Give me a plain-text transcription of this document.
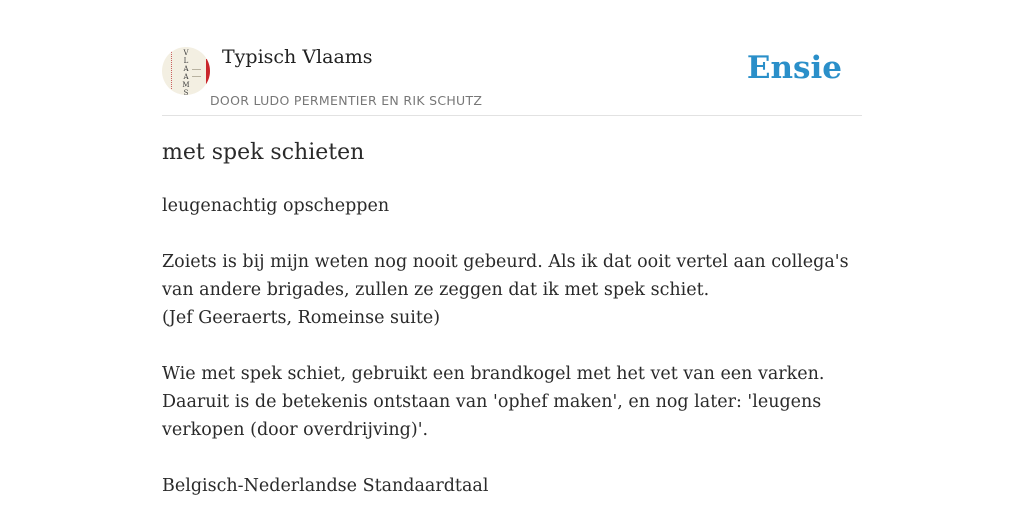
V
L
A
A
M
S
Typisch Vlaams
DOOR LUDO PERMENTIER EN RIK SCHUTZ
Ensie
met spek schieten

leugenachtig opscheppen

Zoiets is bij mijn weten nog nooit gebeurd. Als ik dat ooit vertel aan collega's van andere brigades, zullen ze zeggen dat ik met spek schiet.

(Jef Geeraerts, Romeinse suite)

Wie met spek schiet, gebruikt een brandkogel met het vet van een varken. Daaruit is de betekenis ontstaan van 'ophef maken', en nog later: 'leugens verkopen (door overdrijving)'.

Belgisch-Nederlandse Standaardtaal
